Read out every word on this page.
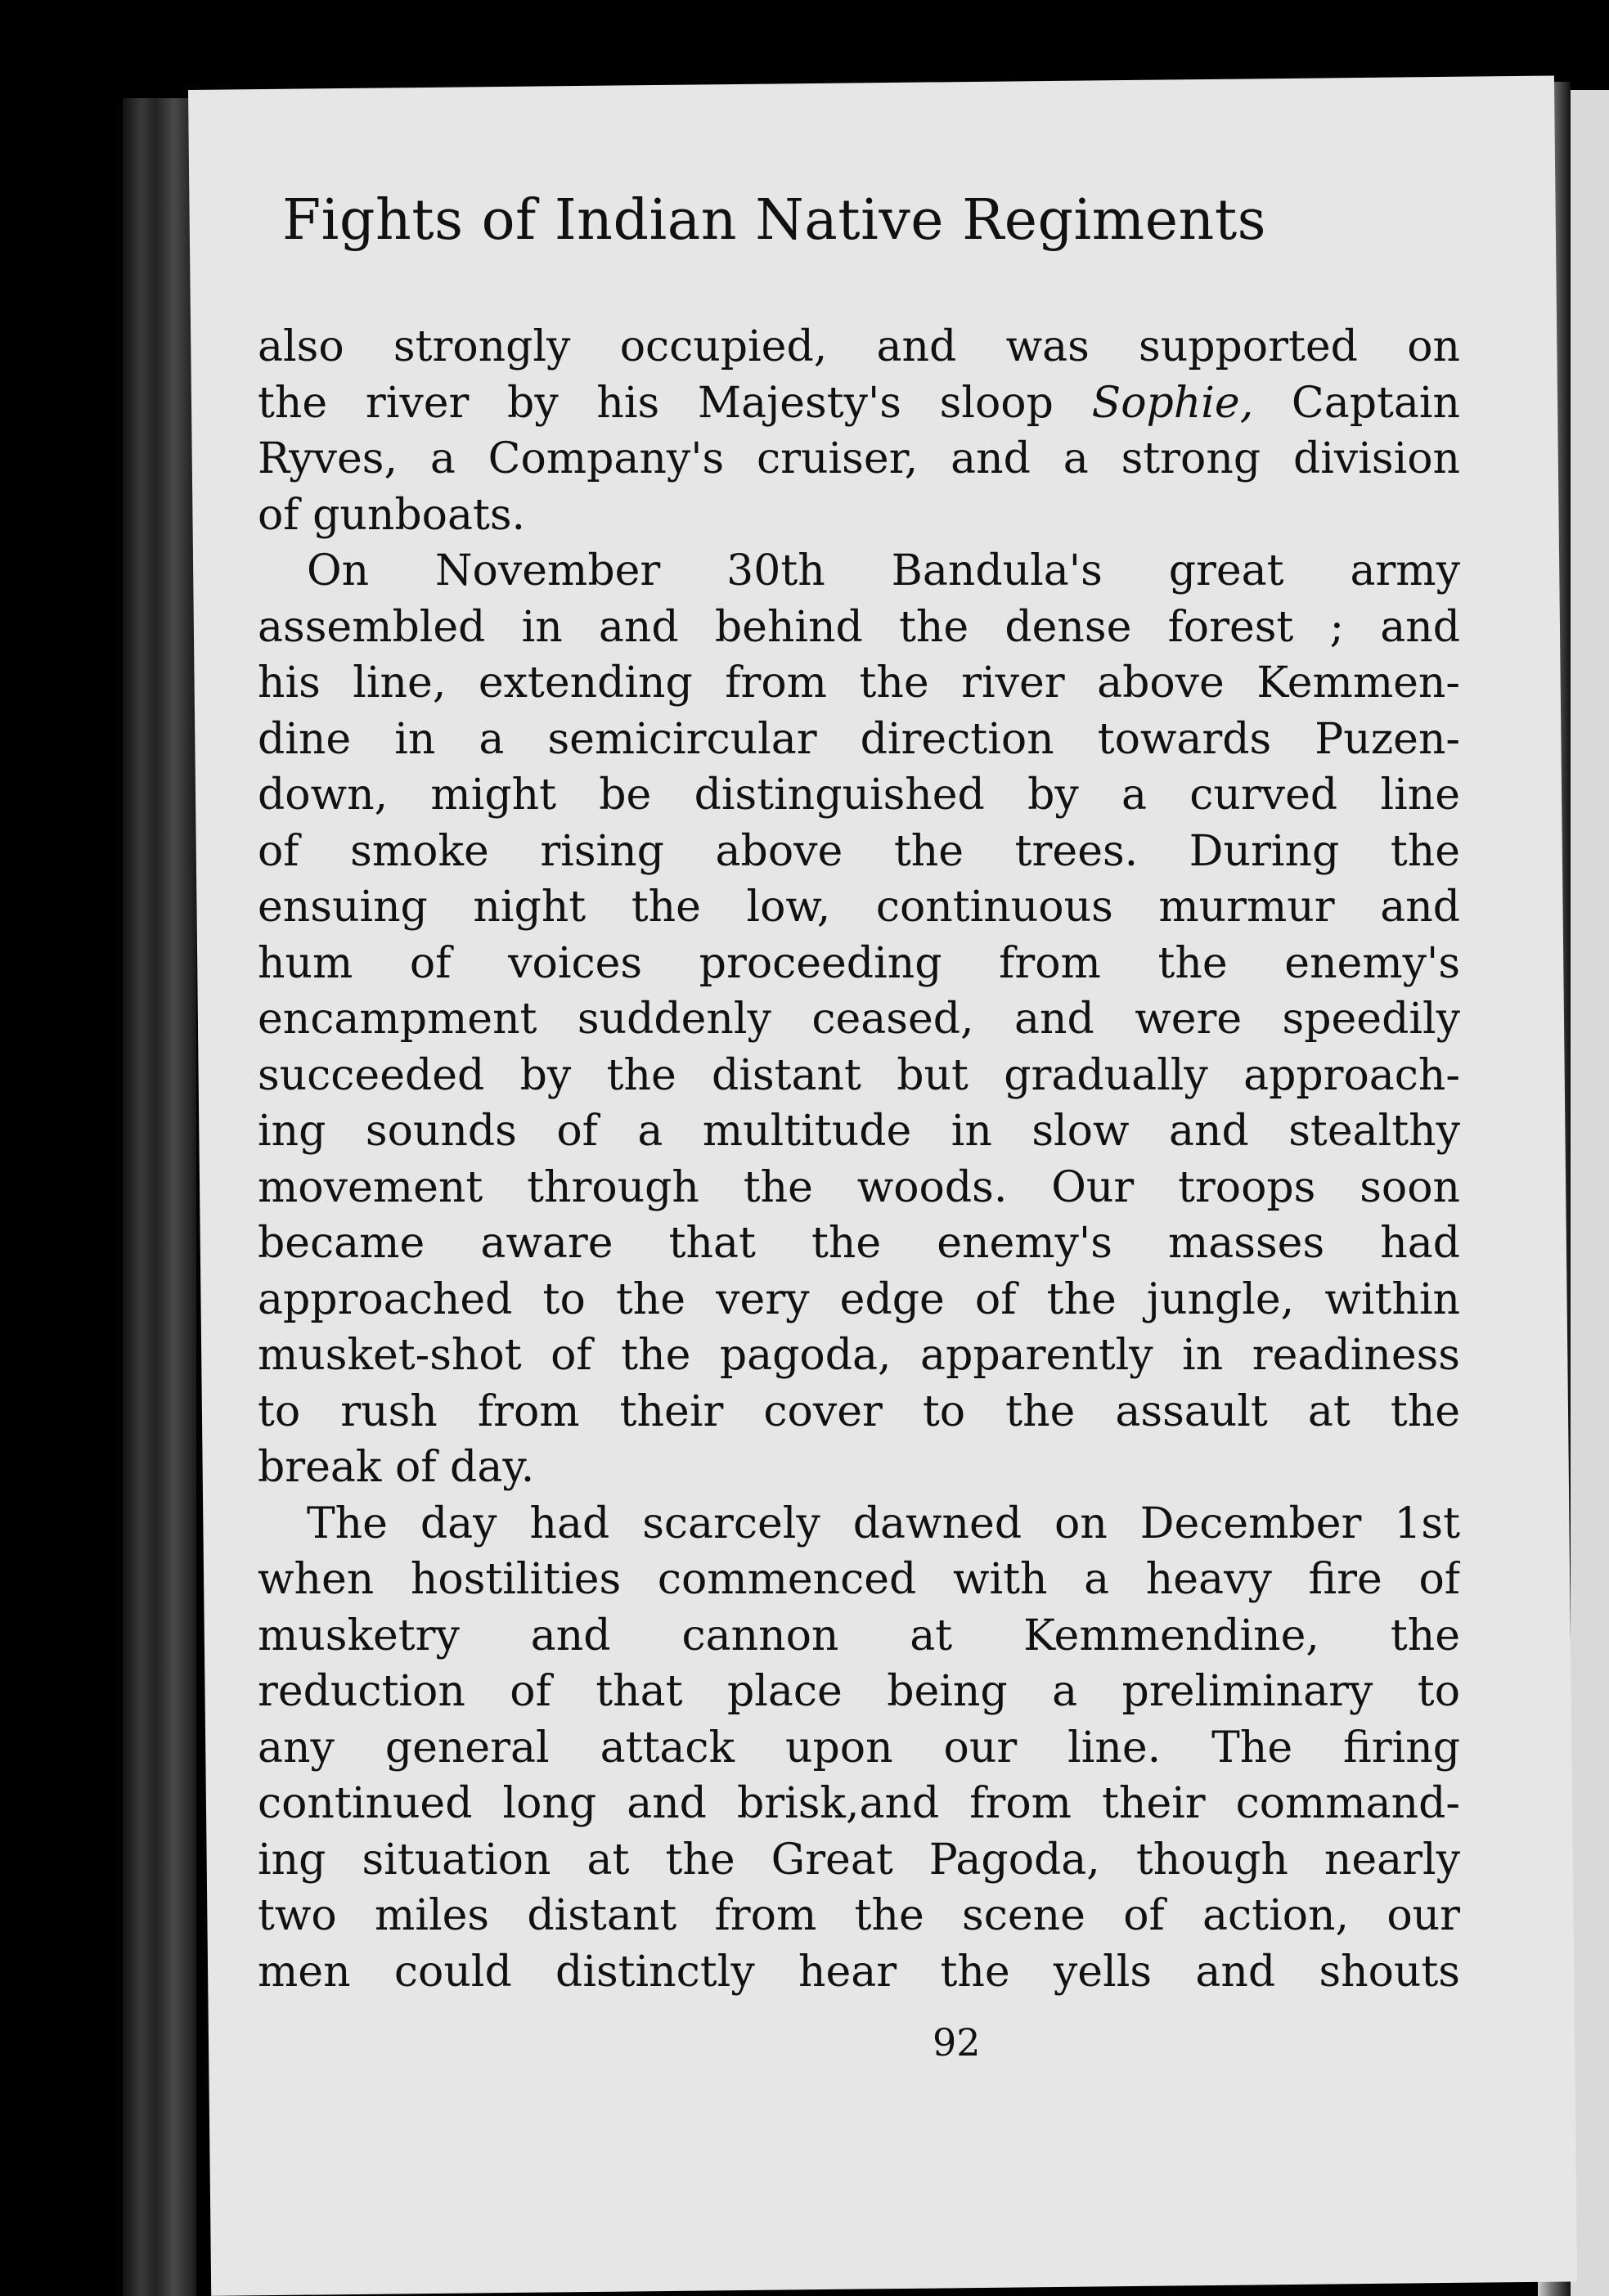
Fights of Indian Native Regiments
also strongly occupied, and was supported on
the river by his Majesty's sloop Sophie, Captain
Ryves, a Company's cruiser, and a strong division
of gunboats.
On November 30th Bandula's great army
assembled in and behind the dense forest ; and
his line, extending from the river above Kemmen-
dine in a semicircular direction towards Puzen-
down, might be distinguished by a curved line
of smoke rising above the trees. During the
ensuing night the low, continuous murmur and
hum of voices proceeding from the enemy's
encampment suddenly ceased, and were speedily
succeeded by the distant but gradually approach-
ing sounds of a multitude in slow and stealthy
movement through the woods. Our troops soon
became aware that the enemy's masses had
approached to the very edge of the jungle, within
musket-shot of the pagoda, apparently in readiness
to rush from their cover to the assault at the
break of day.
The day had scarcely dawned on December 1st
when hostilities commenced with a heavy fire of
musketry and cannon at Kemmendine, the
reduction of that place being a preliminary to
any general attack upon our line. The firing
continued long and brisk,and from their command-
ing situation at the Great Pagoda, though nearly
two miles distant from the scene of action, our
men could distinctly hear the yells and shouts
92
